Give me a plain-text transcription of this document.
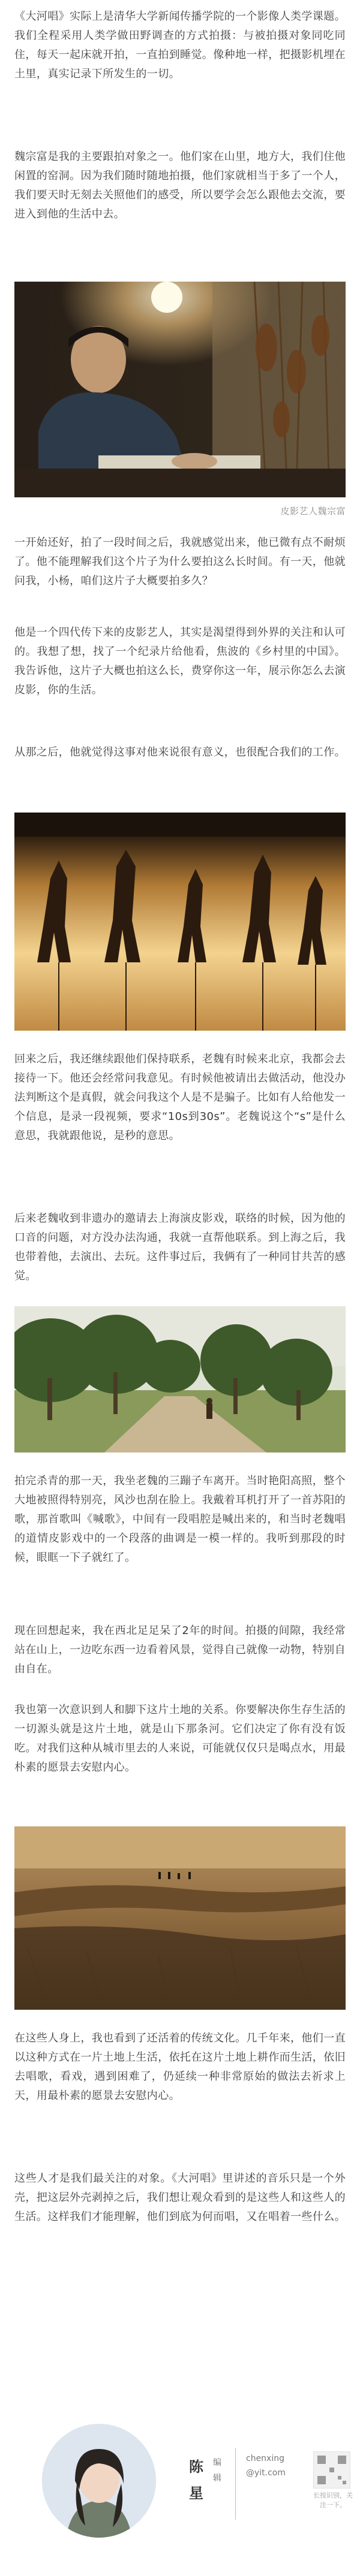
《大河唱》实际上是清华大学新闻传播学院的一个影像人类学课题。我们全程采用人类学做田野调查的方式拍摄：与被拍摄对象同吃同住，每天一起床就开拍，一直拍到睡觉。像种地一样，把摄影机埋在土里，真实记录下所发生的一切。

魏宗富是我的主要跟拍对象之一。他们家在山里，地方大，我们住他闲置的窑洞。因为我们随时随地拍摄，他们家就相当于多了一个人，我们要天时无刻去关照他们的感受，所以要学会怎么跟他去交流，要进入到他的生活中去。

皮影艺人魏宗富

一开始还好，拍了一段时间之后，我就感觉出来，他已微有点不耐烦了。他不能理解我们这个片子为什么要拍这么长时间。有一天，他就问我，小杨，咱们这片子大概要拍多久？

他是一个四代传下来的皮影艺人，其实是渴望得到外界的关注和认可的。我想了想，找了一个纪录片给他看，焦波的《乡村里的中国》。我告诉他，这片子大概也拍这么长，费穿你这一年，展示你怎么去演皮影，你的生活。

从那之后，他就觉得这事对他来说很有意义，也很配合我们的工作。

回来之后，我还继续跟他们保持联系，老魏有时候来北京，我都会去接待一下。他还会经常问我意见。有时候他被请出去做活动，他没办法判断这个是真假，就会问我这个人是不是骗子。比如有人给他发一个信息，是录一段视频，要求“10s到30s”。老魏说这个“s”是什么意思，我就跟他说，是秒的意思。

后来老魏收到非遗办的邀请去上海演皮影戏，联络的时候，因为他的口音的问题，对方没办法沟通，我就一直帮他联系。到上海之后，我也带着他，去演出、去玩。这件事过后，我俩有了一种同甘共苦的感觉。

拍完杀青的那一天，我坐老魏的三蹦子车离开。当时艳阳高照，整个大地被照得特别亮，风沙也刮在脸上。我戴着耳机打开了一首苏阳的歌，那首歌叫《喊歌》，中间有一段唱腔是喊出来的，和当时老魏唱的道情皮影戏中的一个段落的曲调是一模一样的。我听到那段的时候，眼眶一下子就红了。

现在回想起来，我在西北足足呆了2年的时间。拍摄的间隙，我经常站在山上，一边吃东西一边看着风景，觉得自己就像一动物，特别自由自在。

我也第一次意识到人和脚下这片土地的关系。你要解决你生存生活的一切源头就是这片土地，就是山下那条河。它们决定了你有没有饭吃。对我们这种从城市里去的人来说，可能就仅仅只是喝点水，用最朴素的愿景去安慰内心。

在这些人身上，我也看到了还活着的传统文化。几千年来，他们一直以这种方式在一片土地上生活，依托在这片土地上耕作而生活，依旧去唱歌，看戏，遇到困难了，仍延续一种非常原始的做法去祈求上天，用最朴素的愿景去安慰内心。

这些人才是我们最关注的对象。《大河唱》里讲述的音乐只是一个外壳，把这层外壳剥掉之后，我们想让观众看到的是这些人和这些人的生活。这样我们才能理解，他们到底为何而唱，又在唱着一些什么。

陈
星
编
辑
chenxing @yit.com
长按识别，关注一下。
